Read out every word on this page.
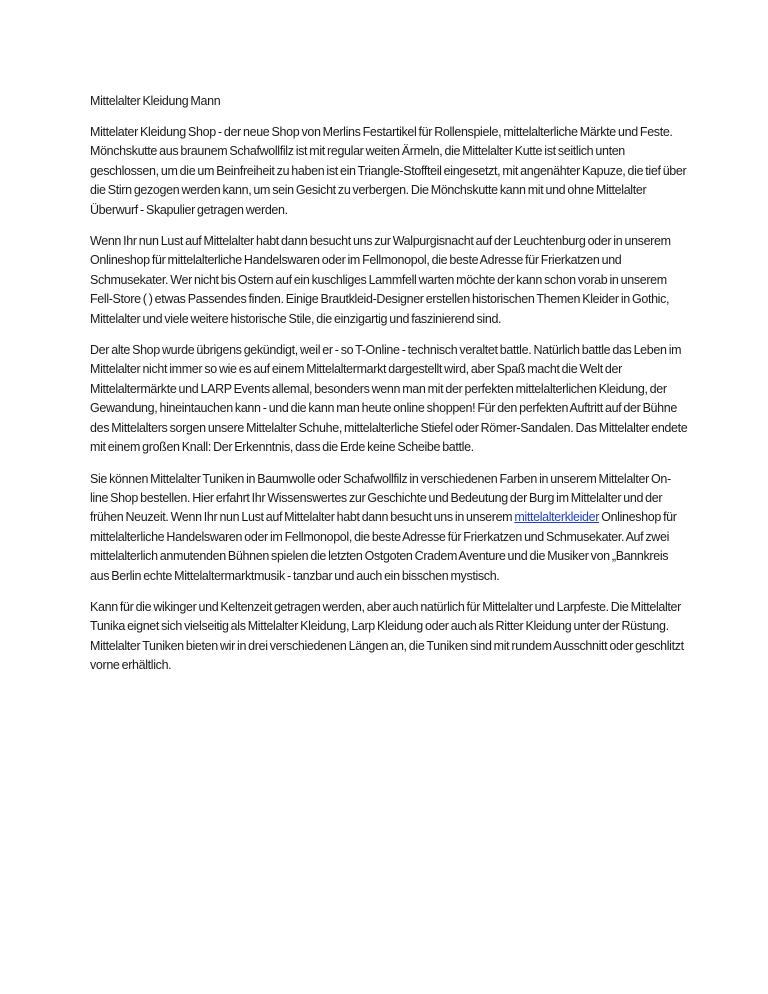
Mittelalter Kleidung Mann

Mittelater Kleidung Shop - der neue Shop von Merlins Festartikel für Rollenspiele, mittelalterliche Märkte und Feste. Mönchskutte aus braunem Schafwollfilz ist mit regular weiten Ärmeln, die Mittelalter Kutte ist seitlich unten geschlossen, um die um Beinfreiheit zu haben ist ein Triangle-Stoffteil eingesetzt, mit angenähter Kapuze, die tief über die Stirn gezogen werden kann, um sein Gesicht zu verbergen. Die Mönchskutte kann mit und ohne Mittelalter Überwurf - Skapulier getragen werden.

Wenn Ihr nun Lust auf Mittelalter habt dann besucht uns zur Walpurgisnacht auf der Leuchtenburg oder in unserem Onlineshop für mittelalterliche Handelswaren oder im Fellmonopol, die beste Adresse für Frierkatzen und Schmusekater. Wer nicht bis Ostern auf ein kuschliges Lammfell warten möchte der kann schon vorab in unserem Fell-Store ( ) etwas Passendes finden. Einige Brautkleid-Designer erstellen historischen Themen Kleider in Gothic, Mittelalter und viele weitere historische Stile, die einzigartig und faszinierend sind.

Der alte Shop wurde übrigens gekündigt, weil er - so T-Online - technisch veraltet battle. Natürlich battle das Leben im Mittelalter nicht immer so wie es auf einem Mittelaltermarkt dargestellt wird, aber Spaß macht die Welt der Mittelaltermärkte und LARP Events allemal, besonders wenn man mit der perfekten mittelalterlichen Kleidung, der Gewandung, hineintauchen kann - und die kann man heute online shoppen! Für den perfekten Auftritt auf der Bühne des Mittelalters sorgen unsere Mittelalter Schuhe, mittelalterliche Stiefel oder Römer-Sandalen. Das Mittelalter endete mit einem großen Knall: Der Erkenntnis, dass die Erde keine Scheibe battle.

Sie können Mittelalter Tuniken in Baumwolle oder Schafwollfilz in verschiedenen Farben in unserem Mittelalter On-line Shop bestellen. Hier erfahrt Ihr Wissenswertes zur Geschichte und Bedeutung der Burg im Mittelalter und der frühen Neuzeit. Wenn Ihr nun Lust auf Mittelalter habt dann besucht uns in unserem mittelalterkleider Onlineshop für mittelalterliche Handelswaren oder im Fellmonopol, die beste Adresse für Frierkatzen und Schmusekater. Auf zwei mittelalterlich anmutenden Bühnen spielen die letzten Ostgoten Cradem Aventure und die Musiker von „Bannkreis aus Berlin echte Mittelaltermarktmusik - tanzbar und auch ein bisschen mystisch.

Kann für die wikinger und Keltenzeit getragen werden, aber auch natürlich für Mittelalter und Larpfeste. Die Mittelalter Tunika eignet sich vielseitig als Mittelalter Kleidung, Larp Kleidung oder auch als Ritter Kleidung unter der Rüstung. Mittelalter Tuniken bieten wir in drei verschiedenen Längen an, die Tuniken sind mit rundem Ausschnitt oder geschlitzt vorne erhältlich.
